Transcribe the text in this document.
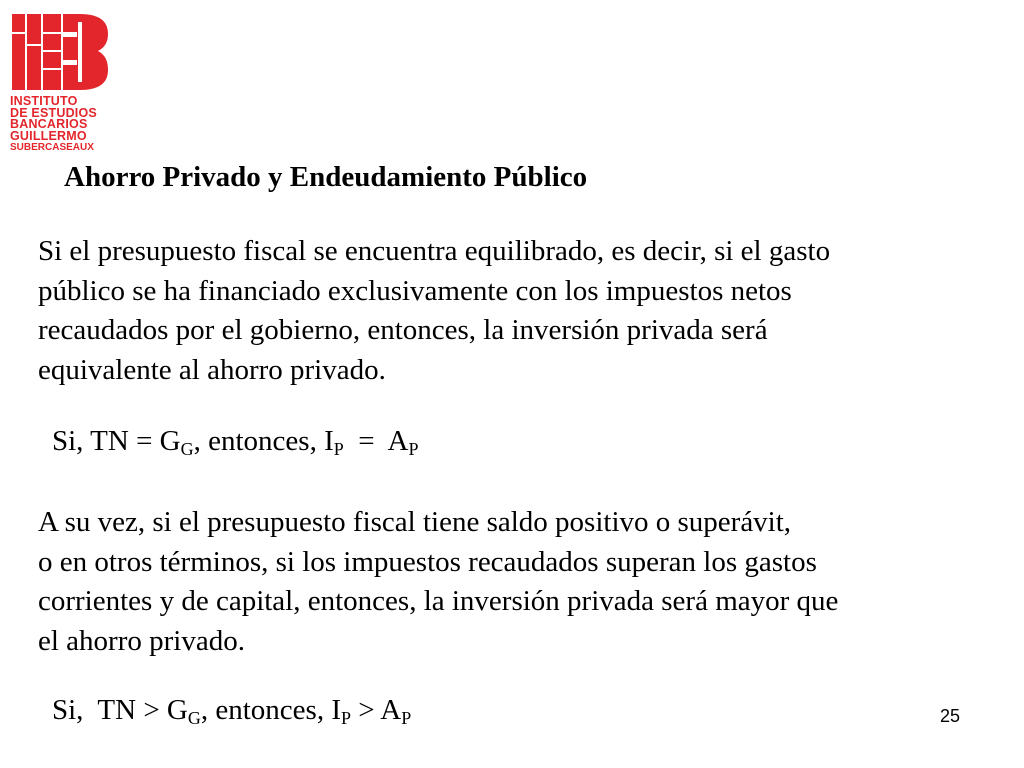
INSTITUTO
DE ESTUDIOS
BANCARIOS
GUILLERMO
SUBERCASEAUX
Ahorro Privado y Endeudamiento Público
Si el presupuesto fiscal se encuentra equilibrado, es decir, si el gasto
público se ha financiado exclusivamente con los impuestos netos
recaudados por el gobierno, entonces, la inversión privada será
equivalente al ahorro privado.
Si, TN = $G_G$, entonces, $I_P = A_P$
A su vez, si el presupuesto fiscal tiene saldo positivo o superávit,
o en otros términos, si los impuestos recaudados superan los gastos
corrientes y de capital, entonces, la inversión privada será mayor que
el ahorro privado.
Si,  TN > $G_G$, entonces, $I_P > A_P$	25
